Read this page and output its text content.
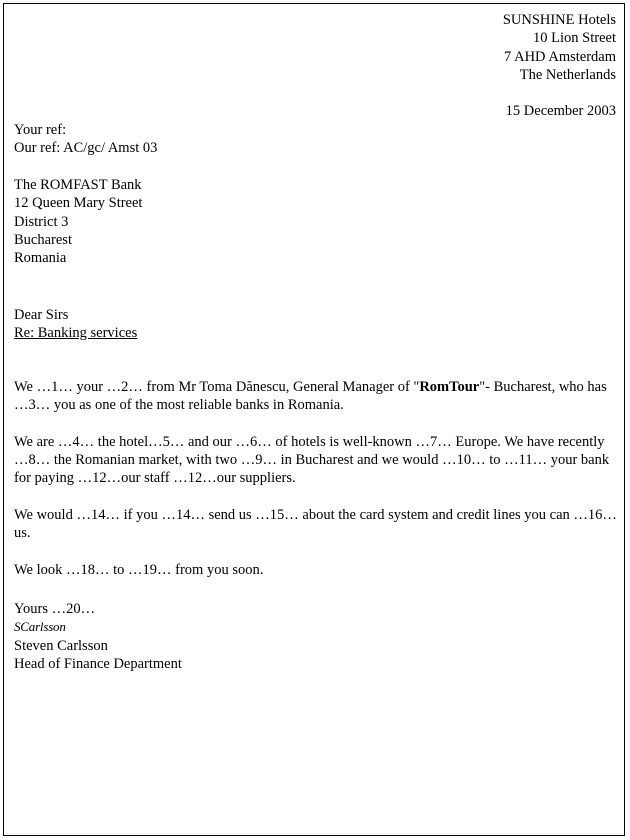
SUNSHINE Hotels
10 Lion Street
7 AHD Amsterdam
The Netherlands
15 December 2003
Your ref:
Our ref: AC/gc/ Amst 03
The ROMFAST Bank
12 Queen Mary Street
District 3
Bucharest
Romania
Dear Sirs
Re: Banking services

We …1… your …2… from Mr Toma Dănescu, General Manager of "RomTour"- Bucharest, who has …3… you as one of the most reliable banks in Romania.

We are …4… the hotel…5… and our …6… of hotels is well-known …7… Europe. We have recently …8… the Romanian market, with two …9… in Bucharest and we would …10… to …11… your bank for paying …12…our staff …12…our suppliers.

We would …14… if you …14… send us …15… about the card system and credit lines you can …16… us.

We look …18… to …19… from you soon.

Yours …20…
SCarlsson
Steven Carlsson
Head of Finance Department
